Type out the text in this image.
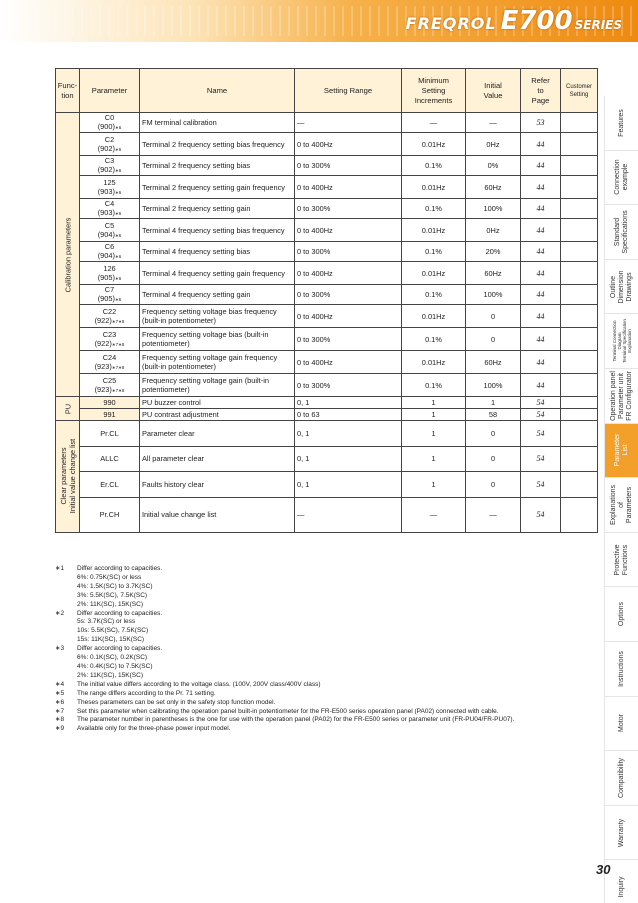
FREQROL E700 SERIES
Func-
tion	Parameter	Name	Setting Range	Minimum
Setting
Increments	Initial
Value	Refer
to
Page	Customer
Setting

Calibration parameters	C0
(900)∗6	FM terminal calibration	—	—	—	53	

	C2
(902)∗6	Terminal 2 frequency setting bias frequency	0 to 400Hz	0.01Hz	0Hz	44	

	C3
(902)∗6	Terminal 2 frequency setting bias	0 to 300%	0.1%	0%	44	

	125
(903)∗6	Terminal 2 frequency setting gain frequency	0 to 400Hz	0.01Hz	60Hz	44	

	C4
(903)∗6	Terminal 2 frequency setting gain	0 to 300%	0.1%	100%	44	

	C5
(904)∗6	Terminal 4 frequency setting bias frequency	0 to 400Hz	0.01Hz	0Hz	44	

	C6
(904)∗6	Terminal 4 frequency setting bias	0 to 300%	0.1%	20%	44	

	126
(905)∗6	Terminal 4 frequency setting gain frequency	0 to 400Hz	0.01Hz	60Hz	44	

	C7
(905)∗6	Terminal 4 frequency setting gain	0 to 300%	0.1%	100%	44	

	C22
(922)∗7∗8	Frequency setting voltage bias frequency (built-in potentiometer)	0 to 400Hz	0.01Hz	0	44	

	C23
(922)∗7∗8	Frequency setting voltage bias (built-in potentiometer)	0 to 300%	0.1%	0	44	

	C24
(923)∗7∗8	Frequency setting voltage gain frequency (built-in potentiometer)	0 to 400Hz	0.01Hz	60Hz	44	

	C25
(923)∗7∗8	Frequency setting voltage gain (built-in potentiometer)	0 to 300%	0.1%	100%	44	

PU	990	PU buzzer control	0, 1	1	1	54	

	991	PU contrast adjustment	0 to 63	1	58	54	

Clear parameters Initial value change list	Pr.CL	Parameter clear	0, 1	1	0	54	

	ALLC	All parameter clear	0, 1	1	0	54	

	Er.CL	Faults history clear	0, 1	1	0	54	

	Pr.CH	Initial value change list	—	—	—	54	
∗1	Differ according to capacities.
6%: 0.75K(SC) or less
4%: 1.5K(SC) to 3.7K(SC)
3%: 5.5K(SC), 7.5K(SC)
2%: 11K(SC), 15K(SC)
∗2	Differ according to capacities.
5s: 3.7K(SC) or less
10s: 5.5K(SC), 7.5K(SC)
15s: 11K(SC), 15K(SC)
∗3	Differ according to capacities.
6%: 0.1K(SC), 0.2K(SC)
4%: 0.4K(SC) to 7.5K(SC)
2%: 11K(SC), 15K(SC)
∗4	The initial value differs according to the voltage class. (100V, 200V class/400V class)
∗5	The range differs according to the Pr. 71 setting.
∗6	Theses parameters can be set only in the safety stop function model.
∗7	Set this parameter when calibrating the operation panel built-in potentiometer for the FR-E500 series operation panel (PA02) connected with cable.
∗8	The parameter number in parentheses is the one for use with the operation panel (PA02) for the FR-E500 series or parameter unit (FR-PU04/FR-PU07).
∗9	Available only for the three-phase power input model.
Features
Connection
example
Standard
Specifications
Outline
Dimension
Drawings
Terminal Connection
Diagram
Terminal Specification
Explanation
Operation panel
Parameter unit
FR Configurator
Parameter
List
Explanations
of
Parameters
Protective
Functions
Options
Instructions
Motor
Compatibility
Warranty
Inquiry
30
